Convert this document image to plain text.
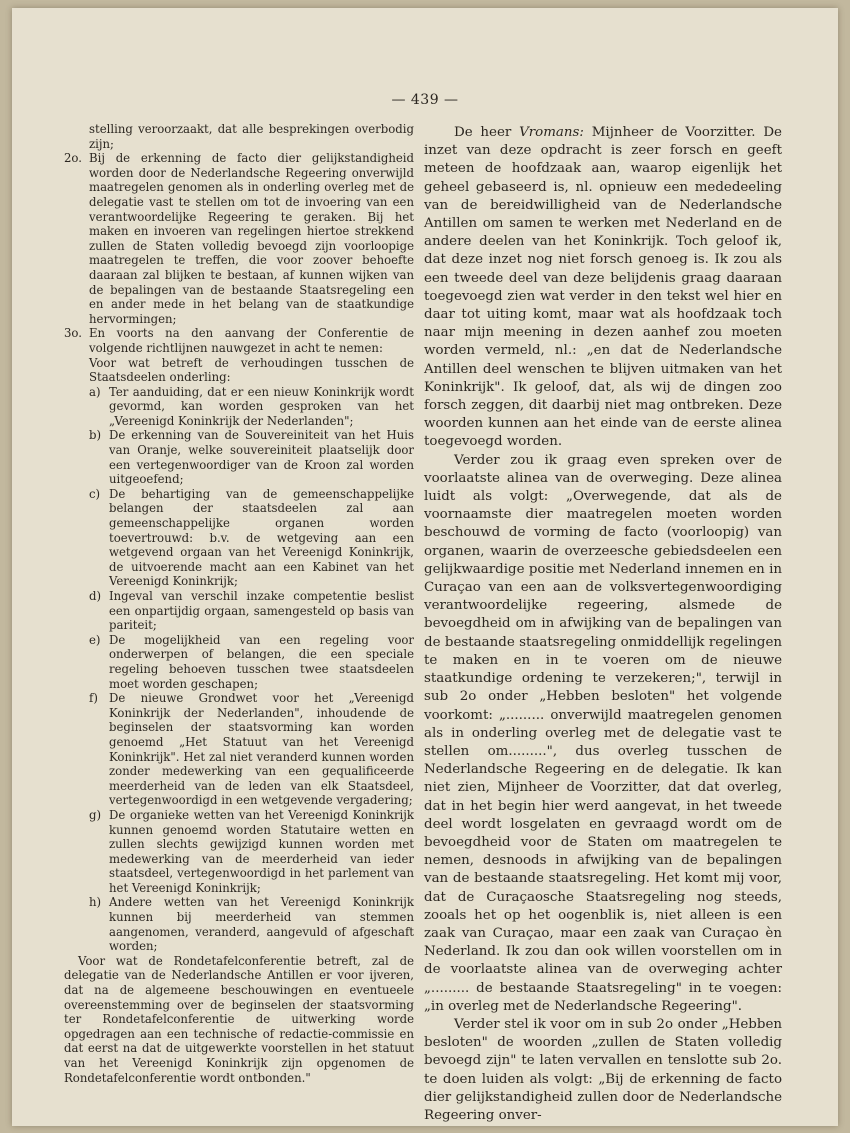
— 439 —

stelling veroorzaakt, dat alle besprekingen overbodig zijn;

2o. Bij de erkenning de facto dier gelijkstandigheid worden door de Nederlandsche Regeering onverwijld maatregelen genomen als in onderling overleg met de delegatie vast te stellen om tot de invoering van een verantwoordelijke Regeering te geraken. Bij het maken en invoeren van regelingen hiertoe strekkend zullen de Staten volledig bevoegd zijn voorloopige maatregelen te treffen, die voor zoover behoefte daaraan zal blijken te bestaan, af kunnen wijken van de bepalingen van de bestaande Staatsregeling een en ander mede in het belang van de staatkundige hervormingen;
3o. En voorts na den aanvang der Conferentie de volgende richtlijnen nauwgezet in acht te nemen:

Voor wat betreft de verhoudingen tusschen de Staatsdeelen onderling:

a) Ter aanduiding, dat er een nieuw Koninkrijk wordt gevormd, kan worden gesproken van het „Vereenigd Koninkrijk der Nederlanden";
b) De erkenning van de Souvereiniteit van het Huis van Oranje, welke souvereiniteit plaatselijk door een vertegenwoordiger van de Kroon zal worden uitgeoefend;
c) De behartiging van de gemeenschappelijke belangen der staatsdeelen zal aan gemeenschappelijke organen worden toevertrouwd: b.v. de wetgeving aan een wetgevend orgaan van het Vereenigd Koninkrijk, de uitvoerende macht aan een Kabinet van het Vereenigd Koninkrijk;
d) Ingeval van verschil inzake competentie beslist een onpartijdig orgaan, samengesteld op basis van pariteit;
e) De mogelijkheid van een regeling voor onderwerpen of belangen, die een speciale regeling behoeven tusschen twee staatsdeelen moet worden geschapen;
f) De nieuwe Grondwet voor het „Vereenigd Koninkrijk der Nederlanden", inhoudende de beginselen der staatsvorming kan worden genoemd „Het Statuut van het Vereenigd Koninkrijk". Het zal niet veranderd kunnen worden zonder medewerking van een gequalificeerde meerderheid van de leden van elk Staatsdeel, vertegenwoordigd in een wetgevende vergadering;
g) De organieke wetten van het Vereenigd Koninkrijk kunnen genoemd worden Statutaire wetten en zullen slechts gewijzigd kunnen worden met medewerking van de meerderheid van ieder staatsdeel, vertegenwoordigd in het parlement van het Vereenigd Koninkrijk;
h) Andere wetten van het Vereenigd Koninkrijk kunnen bij meerderheid van stemmen aangenomen, veranderd, aangevuld of afgeschaft worden;

Voor wat de Rondetafelconferentie betreft, zal de delegatie van de Nederlandsche Antillen er voor ijveren, dat na de algemeene beschouwingen en eventueele overeenstemming over de beginselen der staatsvorming ter Rondetafelconferentie de uitwerking worde opgedragen aan een technische of redactie-commissie en dat eerst na dat de uitgewerkte voorstellen in het statuut van het Vereenigd Koninkrijk zijn opgenomen de Rondetafelconferentie wordt ontbonden."

De heer Vromans: Mijnheer de Voorzitter. De inzet van deze opdracht is zeer forsch en geeft meteen de hoofdzaak aan, waarop eigenlijk het geheel gebaseerd is, nl. opnieuw een mededeeling van de bereidwilligheid van de Nederlandsche Antillen om samen te werken met Nederland en de andere deelen van het Koninkrijk. Toch geloof ik, dat deze inzet nog niet forsch genoeg is. Ik zou als een tweede deel van deze belijdenis graag daaraan toegevoegd zien wat verder in den tekst wel hier en daar tot uiting komt, maar wat als hoofdzaak toch naar mijn meening in dezen aanhef zou moeten worden vermeld, nl.: „en dat de Nederlandsche Antillen deel wenschen te blijven uitmaken van het Koninkrijk". Ik geloof, dat, als wij de dingen zoo forsch zeggen, dit daarbij niet mag ontbreken. Deze woorden kunnen aan het einde van de eerste alinea toegevoegd worden.

Verder zou ik graag even spreken over de voorlaatste alinea van de overweging. Deze alinea luidt als volgt: „Overwegende, dat als de voornaamste dier maatregelen moeten worden beschouwd de vorming de facto (voorloopig) van organen, waarin de overzeesche gebiedsdeelen een gelijkwaardige positie met Nederland innemen en in Curaçao van een aan de volksvertegenwoordiging verantwoordelijke regeering, alsmede de bevoegdheid om in afwijking van de bepalingen van de bestaande staatsregeling onmiddellijk regelingen te maken en in te voeren om de nieuwe staatkundige ordening te verzekeren;", terwijl in sub 2o onder „Hebben besloten" het volgende voorkomt: „......... onverwijld maatregelen genomen als in onderling overleg met de delegatie vast te stellen om.........", dus overleg tusschen de Nederlandsche Regeering en de delegatie. Ik kan niet zien, Mijnheer de Voorzitter, dat dat overleg, dat in het begin hier werd aangevat, in het tweede deel wordt losgelaten en gevraagd wordt om de bevoegdheid voor de Staten om maatregelen te nemen, desnoods in afwijking van de bepalingen van de bestaande staatsregeling. Het komt mij voor, dat de Curaçaosche Staatsregeling nog steeds, zooals het op het oogenblik is, niet alleen is een zaak van Curaçao, maar een zaak van Curaçao èn Nederland. Ik zou dan ook willen voorstellen om in de voorlaatste alinea van de overweging achter „......... de bestaande Staatsregeling" in te voegen: „in overleg met de Nederlandsche Regeering".

Verder stel ik voor om in sub 2o onder „Hebben besloten" de woorden „zullen de Staten volledig bevoegd zijn" te laten vervallen en tenslotte sub 2o. te doen luiden als volgt: „Bij de erkenning de facto dier gelijkstandigheid zullen door de Nederlandsche Regeering onver-
